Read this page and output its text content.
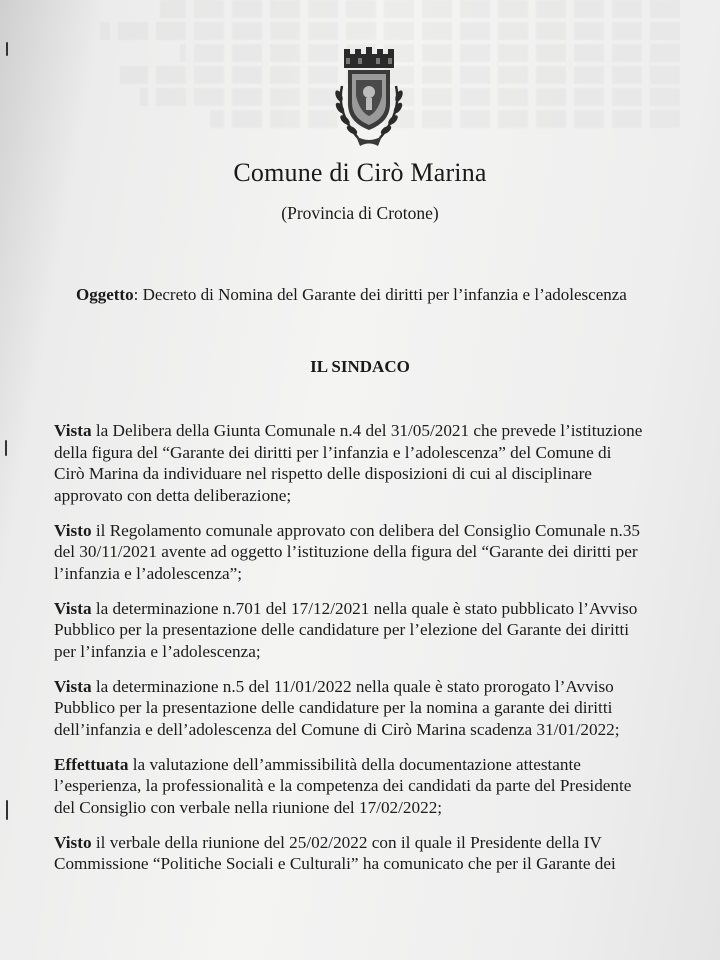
Comune di Cirò Marina
(Provincia di Crotone)
Oggetto: Decreto di Nomina del Garante dei diritti per l’infanzia e l’adolescenza
IL SINDACO
Vista la Delibera della Giunta Comunale n.4 del 31/05/2021 che prevede l’istituzione
della figura del “Garante dei diritti per l’infanzia e l’adolescenza” del Comune di
Cirò Marina da individuare nel rispetto delle disposizioni di cui al disciplinare
approvato con detta deliberazione;
Visto il Regolamento comunale approvato con delibera del Consiglio Comunale n.35
del 30/11/2021 avente ad oggetto l’istituzione della figura del “Garante dei diritti per
l’infanzia e l’adolescenza”;
Vista la determinazione n.701 del 17/12/2021 nella quale è stato pubblicato l’Avviso
Pubblico per la presentazione delle candidature per l’elezione del Garante dei diritti
per l’infanzia e l’adolescenza;
Vista la determinazione n.5 del 11/01/2022 nella quale è stato prorogato l’Avviso
Pubblico per la presentazione delle candidature per la nomina a garante dei diritti
dell’infanzia e dell’adolescenza del Comune di Cirò Marina scadenza 31/01/2022;
Effettuata la valutazione dell’ammissibilità della documentazione attestante
l’esperienza, la professionalità e la competenza dei candidati da parte del Presidente
del Consiglio con verbale nella riunione del 17/02/2022;
Visto il verbale della riunione del 25/02/2022 con il quale il Presidente della IV
Commissione “Politiche Sociali e Culturali” ha comunicato che per il Garante dei
